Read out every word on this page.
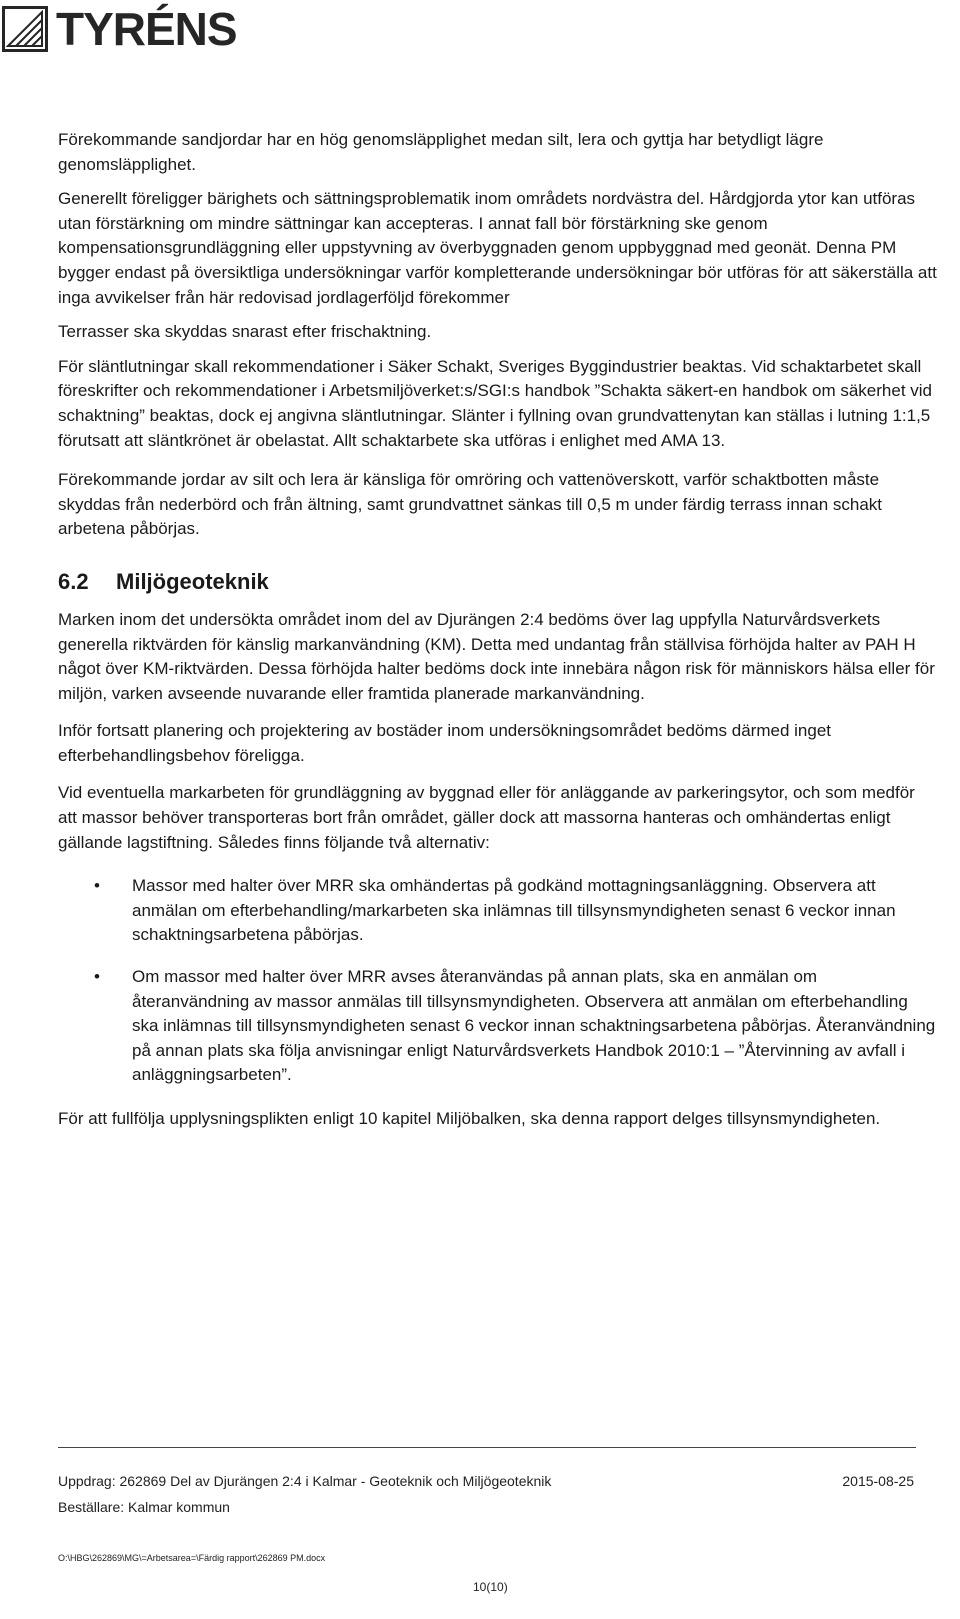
TYRÉNS

Förekommande sandjordar har en hög genomsläpplighet medan silt, lera och gyttja har betydligt lägre genomsläpplighet.

Generellt föreligger bärighets och sättningsproblematik inom områdets nordvästra del. Hårdgjorda ytor kan utföras utan förstärkning om mindre sättningar kan accepteras. I annat fall bör förstärkning ske genom kompensationsgrundläggning eller uppstyvning av överbyggnaden genom uppbyggnad med geonät. Denna PM bygger endast på översiktliga undersökningar varför kompletterande undersökningar bör utföras för att säkerställa att inga avvikelser från här redovisad jordlagerföljd förekommer

Terrasser ska skyddas snarast efter frischaktning.

För släntlutningar skall rekommendationer i Säker Schakt, Sveriges Byggindustrier beaktas. Vid schaktarbetet skall föreskrifter och rekommendationer i Arbetsmiljöverket:s/SGI:s handbok ”Schakta säkert-en handbok om säkerhet vid schaktning” beaktas, dock ej angivna släntlutningar. Slänter i fyllning ovan grundvattenytan kan ställas i lutning 1:1,5 förutsatt att släntkrönet är obelastat. Allt schaktarbete ska utföras i enlighet med AMA 13.

Förekommande jordar av silt och lera är känsliga för omröring och vattenöverskott, varför schaktbotten måste skyddas från nederbörd och från ältning, samt grundvattnet sänkas till 0,5 m under färdig terrass innan schakt arbetena påbörjas.

6.2	Miljögeoteknik

Marken inom det undersökta området inom del av Djurängen 2:4 bedöms över lag uppfylla Naturvårdsverkets generella riktvärden för känslig markanvändning (KM). Detta med undantag från ställvisa förhöjda halter av PAH H något över KM-riktvärden. Dessa förhöjda halter bedöms dock inte innebära någon risk för människors hälsa eller för miljön, varken avseende nuvarande eller framtida planerade markanvändning.

Inför fortsatt planering och projektering av bostäder inom undersökningsområdet bedöms därmed inget efterbehandlingsbehov föreligga.

Vid eventuella markarbeten för grundläggning av byggnad eller för anläggande av parkeringsytor, och som medför att massor behöver transporteras bort från området, gäller dock att massorna hanteras och omhändertas enligt gällande lagstiftning. Således finns följande två alternativ:

• Massor med halter över MRR ska omhändertas på godkänd mottagningsanläggning. Observera att anmälan om efterbehandling/markarbeten ska inlämnas till tillsynsmyndigheten senast 6 veckor innan schaktningsarbetena påbörjas.
• Om massor med halter över MRR avses återanvändas på annan plats, ska en anmälan om återanvändning av massor anmälas till tillsynsmyndigheten. Observera att anmälan om efterbehandling ska inlämnas till tillsynsmyndigheten senast 6 veckor innan schaktningsarbetena påbörjas. Återanvändning på annan plats ska följa anvisningar enligt Naturvårdsverkets Handbok 2010:1 – ”Återvinning av avfall i anläggningsarbeten”.

För att fullfölja upplysningsplikten enligt 10 kapitel Miljöbalken, ska denna rapport delges tillsynsmyndigheten.

Uppdrag: 262869 Del av Djurängen 2:4 i Kalmar - Geoteknik och Miljögeoteknik
Beställare: Kalmar kommun
2015-08-25
O:\HBG\262869\MG\=Arbetsarea=\Färdig rapport\262869 PM.docx
10(10)
